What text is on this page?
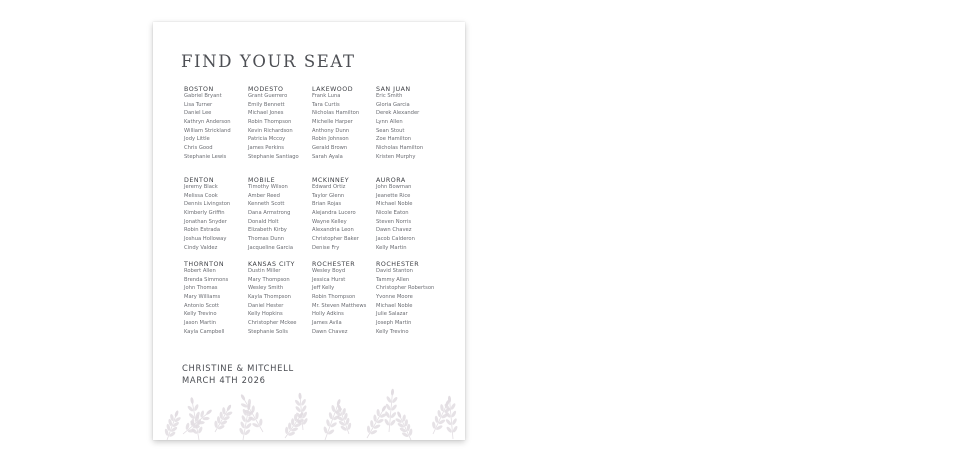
FIND YOUR SEAT
BOSTON
Gabriel Bryant
Lisa Turner
Daniel Lee
Kathryn Anderson
William Strickland
Jody Little
Chris Good
Stephanie Lewis
MODESTO
Grant Guerrero
Emily Bennett
Michael Jones
Robin Thompson
Kevin Richardson
Patricia Mccoy
James Perkins
Stephanie Santiago
LAKEWOOD
Frank Luna
Tara Curtis
Nicholas Hamilton
Michelle Harper
Anthony Dunn
Robin Johnson
Gerald Brown
Sarah Ayala
SAN JUAN
Eric Smith
Gloria Garcia
Derek Alexander
Lynn Allen
Sean Stout
Zoe Hamilton
Nicholas Hamilton
Kristen Murphy
DENTON
Jeremy Black
Melissa Cook
Dennis Livingston
Kimberly Griffin
Jonathan Snyder
Robin Estrada
Joshua Holloway
Cindy Valdez
MOBILE
Timothy Wilson
Amber Reed
Kenneth Scott
Dana Armstrong
Donald Holt
Elizabeth Kirby
Thomas Dunn
Jacqueline Garcia
MCKINNEY
Edward Ortiz
Taylor Glenn
Brian Rojas
Alejandra Lucero
Wayne Kelley
Alexandria Leon
Christopher Baker
Denise Fry
AURORA
John Bowman
Jeanette Rice
Michael Noble
Nicole Eaton
Steven Norris
Dawn Chavez
Jacob Calderon
Kelly Martin
THORNTON
Robert Allen
Brenda Simmons
John Thomas
Mary Williams
Antonio Scott
Kelly Trevino
Jason Martin
Kayla Campbell
KANSAS CITY
Dustin Miller
Mary Thompson
Wesley Smith
Kayla Thompson
Daniel Hester
Kelly Hopkins
Christopher Mckee
Stephanie Solis
ROCHESTER
Wesley Boyd
Jessica Hurst
Jeff Kelly
Robin Thompson
Mr. Steven Matthews
Holly Adkins
James Avila
Dawn Chavez
ROCHESTER
David Stanton
Tammy Allen
Christopher Robertson
Yvonne Moore
Michael Noble
Julie Salazar
Joseph Martin
Kelly Trevino
CHRISTINE & MITCHELL
MARCH 4TH 2026
